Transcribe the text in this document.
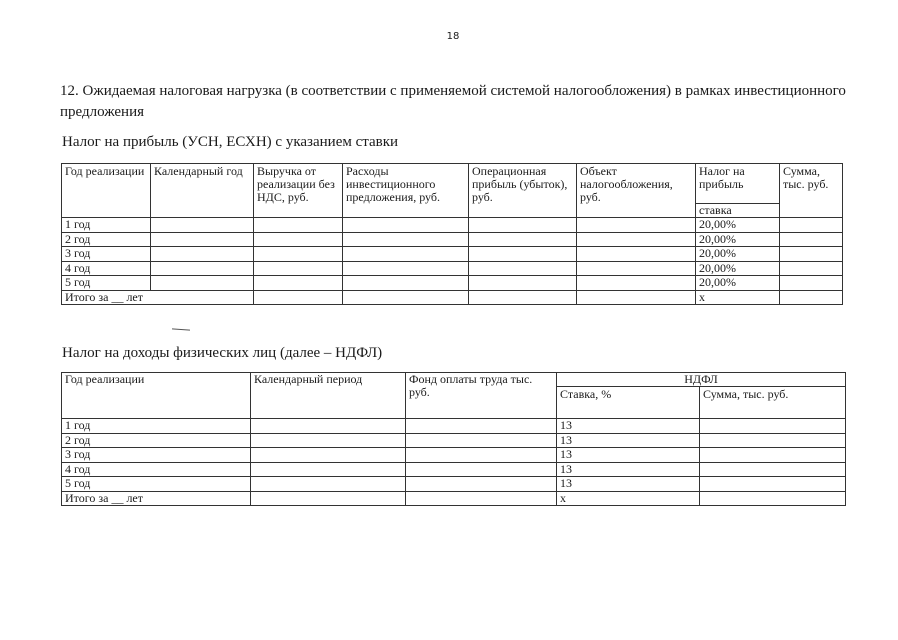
18
12. Ожидаемая налоговая нагрузка (в соответствии с применяемой системой налогообложения) в рамках инвестиционного предложения
Налог на прибыль (УСН, ЕСХН) с указанием ставки
Год реализации	Календарный год	Выручка от реализации без НДС, руб.	Расходы инвестиционного предложения, руб.	Операционная прибыль (убыток), руб.	Объект налогообложения, руб.	Налог на прибыль	Сумма, тыс. руб.
						ставка	
1 год						20,00%	
2 год						20,00%	
3 год						20,00%	
4 год						20,00%	
5 год						20,00%	
Итого за __ лет						х	
Налог на доходы физических лиц (далее – НДФЛ)
Год реализации	Календарный период	Фонд оплаты труда тыс. руб.	НДФЛ	
			Ставка, %	Сумма, тыс. руб.
1 год			13	
2 год			13	
3 год			13	
4 год			13	
5 год			13	
Итого за __ лет			х	
